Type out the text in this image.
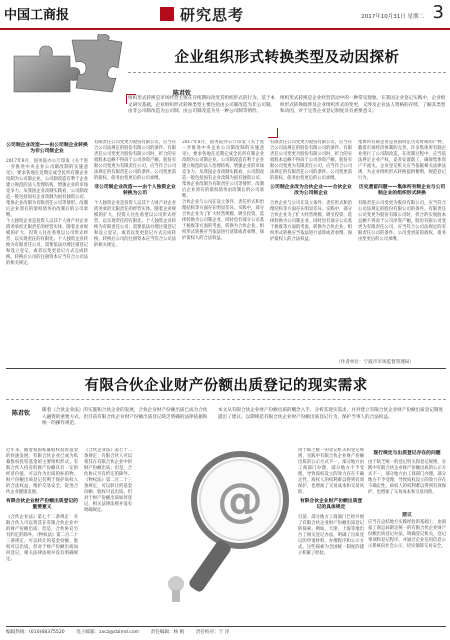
中国工商报	研究思考	2017年10月31日 星期二 3
企业组织形式转换类型及动因探析
陈君钦
组织形式转换是市场经营主体在存续期间改变其组织形式的行为。基于本文研究基础，企业组织形式转换类型主要包括由公司制改造为非公司制、由非公司制改造为公司制、由公司制改造为另一种公司制等情形。
组织形式转换是企业经营活动中的一种常见现象。在我国企业登记实践中，企业组织形式转换既涉及企业组织形式的变更，又涉及企业法人资格的存续，了解其类型和动因，对于完善企业登记制度具有重要意义。
公司制企业改造——由公司制企业转换为非公司制企业
2017年8月，国务院办公厅印发《关于进一步推进中央企业公司制改制的实施意见》，要求各地在近期完成全民所有制企业改制为公司制企业。公司制改造有利于企业建立规范的法人治理结构，增强企业的市场竞争力。从我国企业改制实践看，公司制改造一般包括国有企业改制为国有独资公司、集体企业改制为有限责任公司等情形。改制后企业原有的债权债务由改制后的公司承继。
个人独资企业是投资人以其个人财产对企业债务承担无限责任的经营实体。随着企业规模的扩大，投资人往往希望以公司形式经营，以实现责任的有限化。个人独资企业转换为有限责任公司，需要依法办理注销登记和设立登记，或者以变更登记方式完成转换。转换后公司的注册资本应当符合公司法的相关规定。
有限责任公司变更为股份有限公司，应当符合公司法规定的股份有限公司的条件。有限责任公司变更为股份有限公司时，折合的实收股本总额不得高于公司净资产额。股份有限公司变更为有限责任公司，应当符合公司法规定的有限责任公司的条件。公司变更前的债权、债务由变更后的公司承继。
非公司制企业改造——由个人独资企业转换为公司
个人独资企业是投资人以其个人财产对企业债务承担无限责任的经营实体。随着企业规模的扩大，投资人往往希望以公司形式经营，以实现责任的有限化。个人独资企业转换为有限责任公司，需要依法办理注销登记和设立登记，或者以变更登记方式完成转换。转换后公司的注册资本应当符合公司法的相关规定。
2017年8月，国务院办公厅印发《关于进一步推进中央企业公司制改制的实施意见》，要求各地在近期完成全民所有制企业改制为公司制企业。公司制改造有利于企业建立规范的法人治理结构，增强企业的市场竞争力。从我国企业改制实践看，公司制改造一般包括国有企业改制为国有独资公司、集体企业改制为有限责任公司等情形。改制后企业原有的债权债务由改制后的公司承继。
合伙企业与公司在设立条件、责任形式和治理结构等方面存在明显差异。实践中，部分合伙企业为了扩大经营规模、吸引投资，选择转换为公司制企业。同时也有部分公司基于税收等方面的考虑，转换为合伙企业。组织形式转换应当依法进行清算或者承继，保护债权人的合法权益。
有限责任公司变更为股份有限公司，应当符合公司法规定的股份有限公司的条件。有限责任公司变更为股份有限公司时，折合的实收股本总额不得高于公司净资产额。股份有限公司变更为有限责任公司，应当符合公司法规定的有限责任公司的条件。公司变更前的债权、债务由变更后的公司承继。
公司制企业改为合伙企业——合伙企业改为公司制企业
合伙企业与公司在设立条件、责任形式和治理结构等方面存在明显差异。实践中，部分合伙企业为了扩大经营规模、吸引投资，选择转换为公司制企业。同时也有部分公司基于税收等方面的考虑，转换为合伙企业。组织形式转换应当依法进行清算或者承继，保护债权人的合法权益。
集体所有制企业是我国特定历史时期的产物。随着市场经济体制的完善，许多集体所有制企业进行了公司制改造。在改制过程中，应当依法界定企业产权，妥善安置职工，确保集体资产不流失。企业登记机关应当依据相关法律法规，为企业组织形式转换提供便利，规范登记行为。
历史遗留问题——集体所有制企业与公司制企业的组织形式转换
有限责任公司变更为股份有限公司，应当符合公司法规定的股份有限公司的条件。有限责任公司变更为股份有限公司时，折合的实收股本总额不得高于公司净资产额。股份有限公司变更为有限责任公司，应当符合公司法规定的有限责任公司的条件。公司变更前的债权、债务由变更后的公司承继。
（作者单位：宁波市市场监督管理局）
有限合伙企业财产份额出质登记的现实需求
陈君钦	随着《合伙企业法》的实施和合伙企业的发展，合伙企业财产份额出质已成为合伙人融资的重要方式。但目前有限合伙企业财产份额出质登记缺乏明确的法律依据和统一的操作规范。
本文从有限合伙企业财产份额出质的概念入手，分析其现实需求，并对建立有限合伙企业财产份额出质登记制度提出了建议。以期规范有限合伙企业财产份额出质登记行为，保护当事人的合法权益。
近年来，随着我国私募股权投资基金的快速发展，有限合伙企业已成为私募股权投资基金的主要组织形式。有限合伙人持有的财产份额具有一定的经济价值，可以作为出质的标的物。财产份额出质登记有利于保护质权人的合法权益，维护交易安全，促进合伙企业健康发展。
有限合伙企业财产份额出质登记的重要意义
《合伙企业法》第七十二条规定：有限合伙人可以将其在有限合伙企业中的财产份额出质；但是，合伙协议另有约定的除外。《物权法》第二百二十三条规定，可以转让的基金份额、股权可以出质。但对于财产份额出质如何登记，相关法律法规并没有明确规定。
《合伙企业法》第七十二条规定：有限合伙人可以将其在有限合伙企业中的财产份额出质；但是，合伙协议另有约定的除外。《物权法》第二百二十三条规定，可以转让的基金份额、股权可以出质。但对于财产份额出质如何登记，相关法律法规并没有明确规定。	@
由于缺乏统一的登记机关和登记规则，实践中有限合伙企业财产份额出质的公示方式不一，部分地方由工商部门办理，部分地方不予受理，导致质权设立的效力存在不确定性。质权人的权利难以得到有效保护，也增加了交易成本和交易风险。
有限合伙企业财产份额出质登记的具体规定
目前，部分地方工商部门已经开展了有限合伙企业财产份额出质登记的探索。例如，天津、上海等地出台了相关登记办法，明确了出质登记的申请材料、办理程序和公示方式。这些探索为全国统一制度的建立积累了经验。
现行规定与出质登记存在的问题
由于缺乏统一的登记机关和登记规则，实践中有限合伙企业财产份额出质的公示方式不一，部分地方由工商部门办理，部分地方不予受理，导致质权设立的效力存在不确定性。质权人的权利难以得到有效保护，也增加了交易成本和交易风险。
建议
应当在总结地方实践经验的基础上，由国家工商总局制定统一的有限合伙企业财产份额出质登记办法，明确登记机关、登记事项和登记程序，并通过企业信用信息公示系统向社会公示，切实保障交易安全。
编辑热线：(010)68375520 电子邮箱：zxcz@cbimd.com 责任编辑：杨 帆 责任校对：于 洋
